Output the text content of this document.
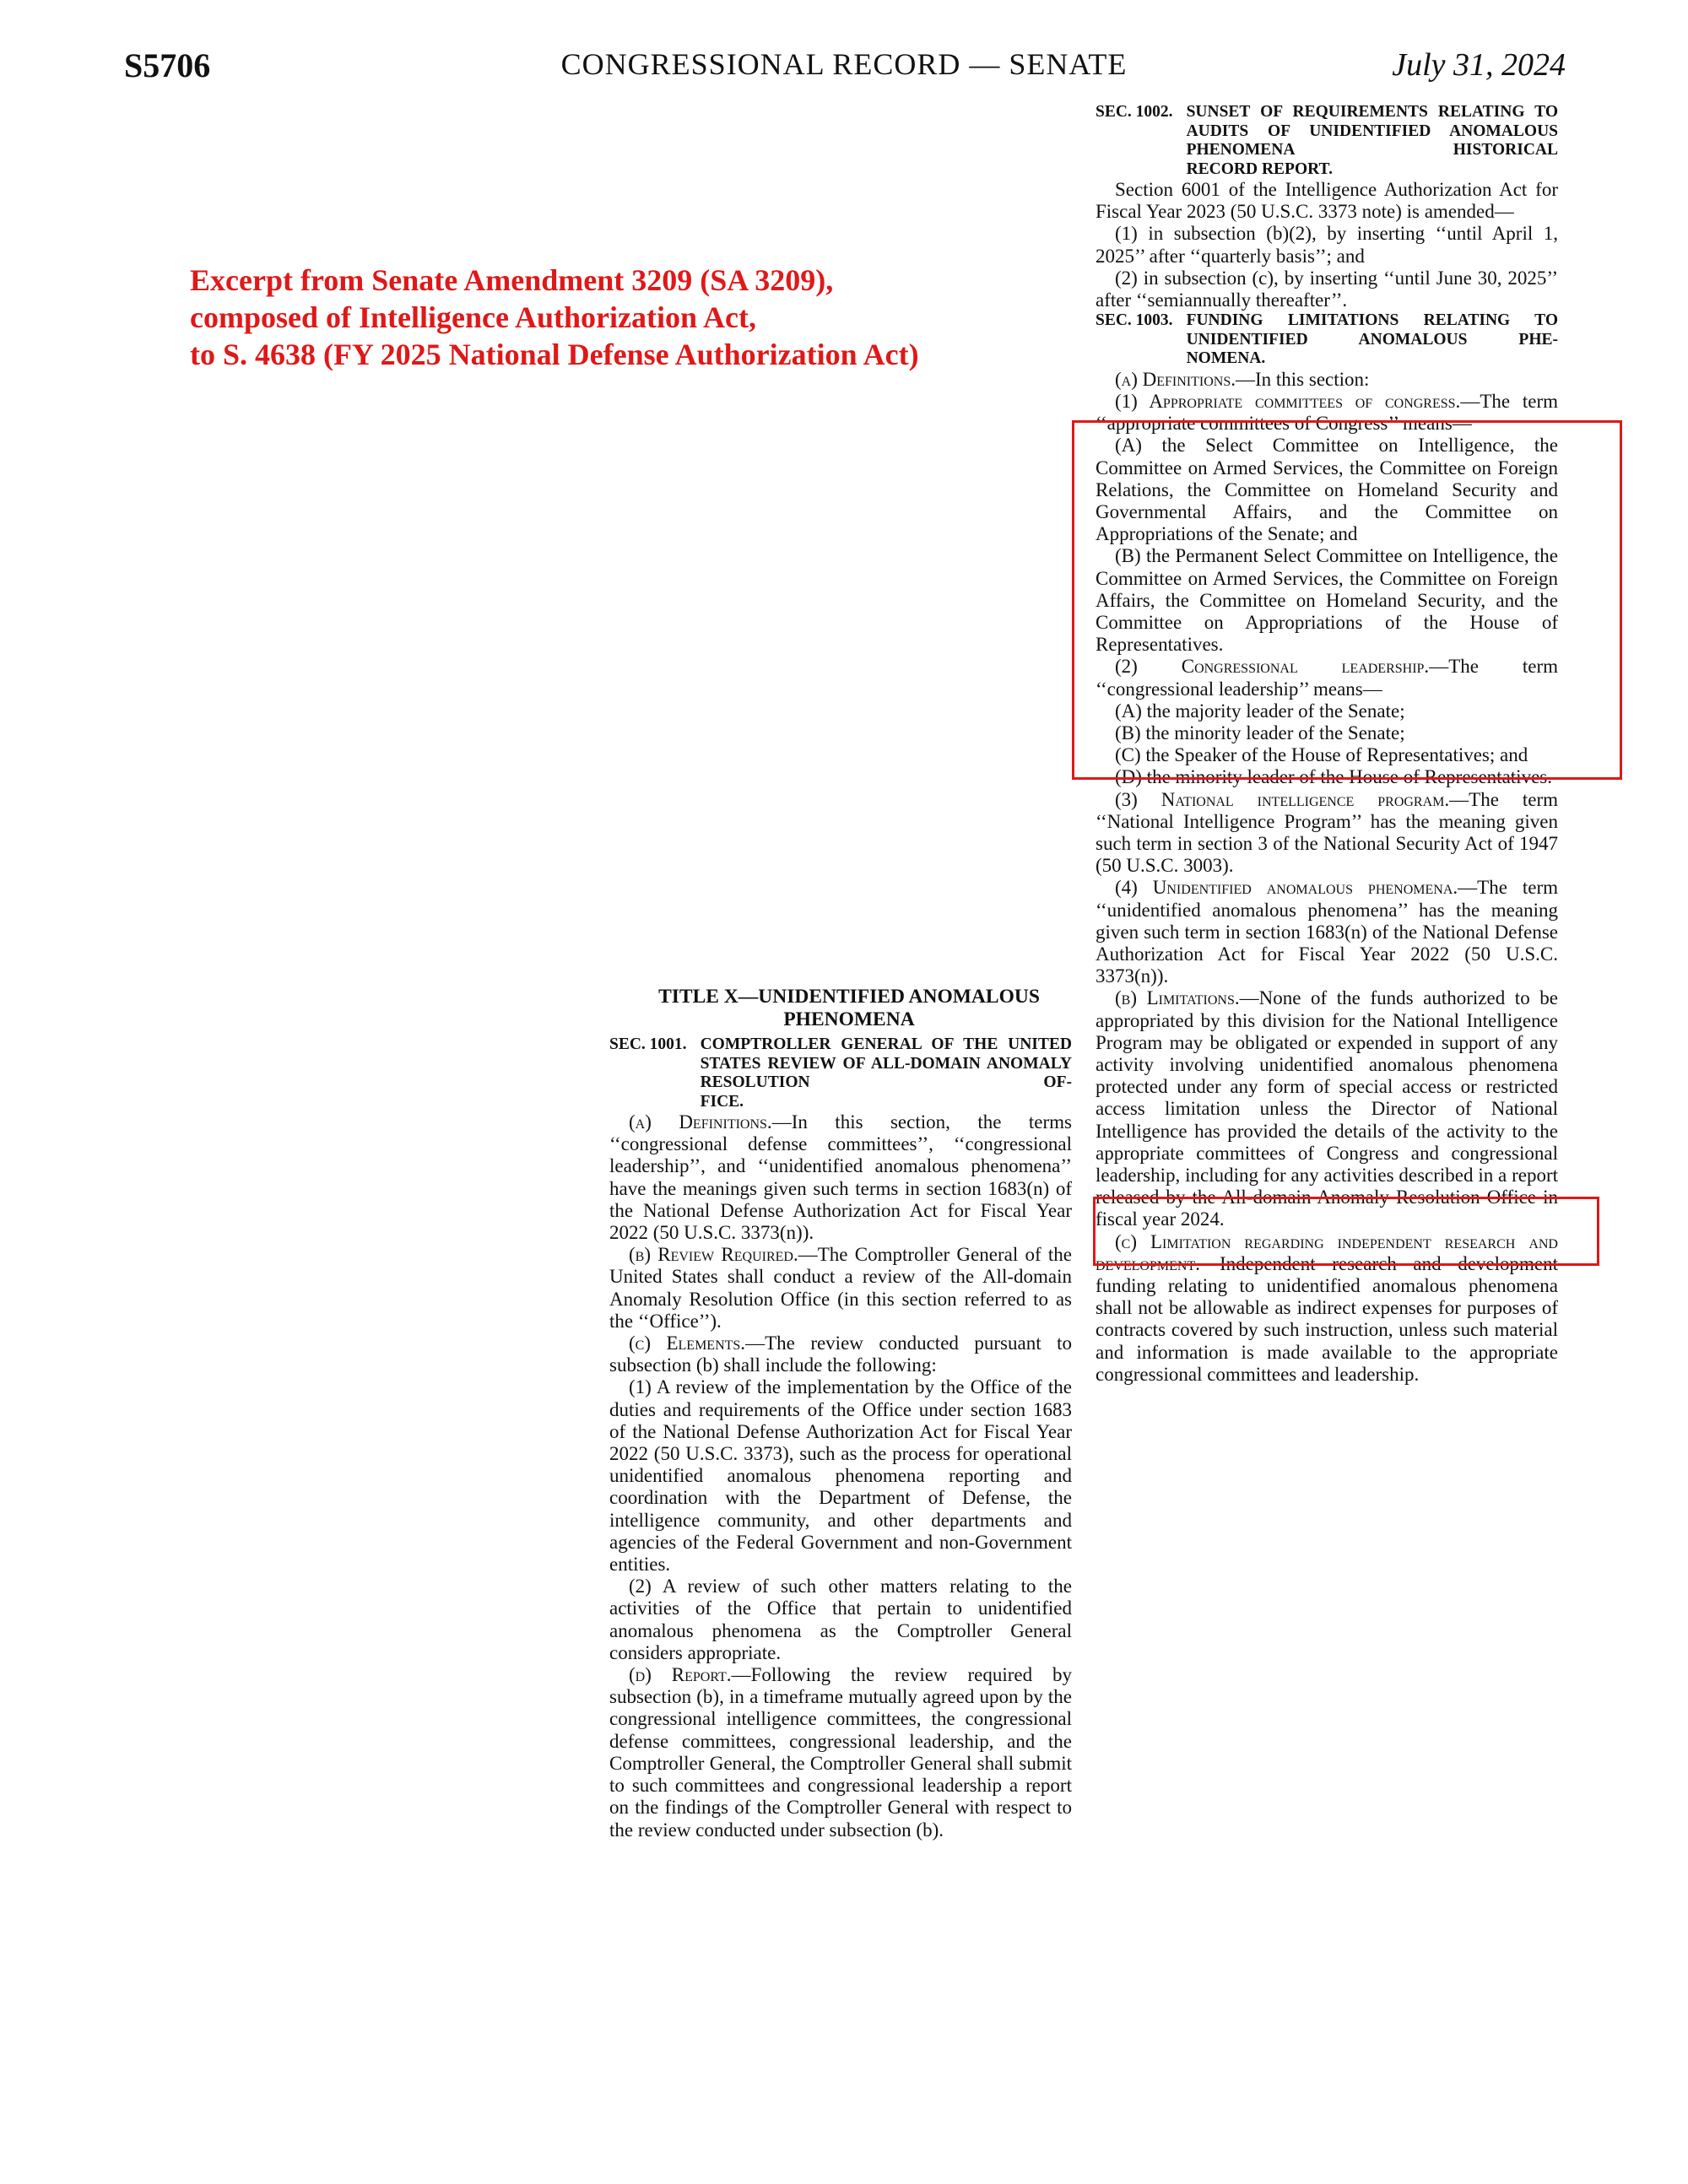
S5706	CONGRESSIONAL RECORD — SENATE	July 31, 2024
Excerpt from Senate Amendment 3209 (SA 3209),
composed of Intelligence Authorization Act,
to S. 4638 (FY 2025 National Defense Authorization Act)
TITLE X—UNIDENTIFIED ANOMALOUS
PHENOMENA
SEC. 1001. COMPTROLLER GENERAL OF THE UNITED STATES REVIEW OF ALL-DOMAIN ANOMALY RESOLUTION OF-
FICE.

(a) Definitions.—In this section, the terms ‘‘congressional defense committees’’, ‘‘congressional leadership’’, and ‘‘unidentified anomalous phenomena’’ have the meanings given such terms in section 1683(n) of the National Defense Authorization Act for Fiscal Year 2022 (50 U.S.C. 3373(n)).

(b) Review Required.—The Comptroller General of the United States shall conduct a review of the All-domain Anomaly Resolution Office (in this section referred to as the ‘‘Office’’).

(c) Elements.—The review conducted pursuant to subsection (b) shall include the following:

(1) A review of the implementation by the Office of the duties and requirements of the Office under section 1683 of the National Defense Authorization Act for Fiscal Year 2022 (50 U.S.C. 3373), such as the process for operational unidentified anomalous phenomena reporting and coordination with the Department of Defense, the intelligence community, and other departments and agencies of the Federal Government and non-Government entities.

(2) A review of such other matters relating to the activities of the Office that pertain to unidentified anomalous phenomena as the Comptroller General considers appropriate.

(d) Report.—Following the review required by subsection (b), in a timeframe mutually agreed upon by the congressional intelligence committees, the congressional defense committees, congressional leadership, and the Comptroller General, the Comptroller General shall submit to such committees and congressional leadership a report on the findings of the Comptroller General with respect to the review conducted under subsection (b).

SEC. 1002. SUNSET OF REQUIREMENTS RELATING TO AUDITS OF UNIDENTIFIED ANOMALOUS PHENOMENA HISTORICAL
RECORD REPORT.

Section 6001 of the Intelligence Authorization Act for Fiscal Year 2023 (50 U.S.C. 3373 note) is amended—

(1) in subsection (b)(2), by inserting ‘‘until April 1, 2025’’ after ‘‘quarterly basis’’; and

(2) in subsection (c), by inserting ‘‘until June 30, 2025’’ after ‘‘semiannually thereafter’’.

SEC. 1003. FUNDING LIMITATIONS RELATING TO UNIDENTIFIED ANOMALOUS PHE-
NOMENA.

(a) Definitions.—In this section:

(1) Appropriate committees of congress.—The term ‘‘appropriate committees of Congress’’ means—

(A) the Select Committee on Intelligence, the Committee on Armed Services, the Committee on Foreign Relations, the Committee on Homeland Security and Governmental Affairs, and the Committee on Appropriations of the Senate; and

(B) the Permanent Select Committee on Intelligence, the Committee on Armed Services, the Committee on Foreign Affairs, the Committee on Homeland Security, and the Committee on Appropriations of the House of Representatives.

(2) Congressional leadership.—The term ‘‘congressional leadership’’ means—

(A) the majority leader of the Senate;

(B) the minority leader of the Senate;

(C) the Speaker of the House of Representatives; and

(D) the minority leader of the House of Representatives.

(3) National intelligence program.—The term ‘‘National Intelligence Program’’ has the meaning given such term in section 3 of the National Security Act of 1947 (50 U.S.C. 3003).

(4) Unidentified anomalous phenomena.—The term ‘‘unidentified anomalous phenomena’’ has the meaning given such term in section 1683(n) of the National Defense Authorization Act for Fiscal Year 2022 (50 U.S.C. 3373(n)).

(b) Limitations.—None of the funds authorized to be appropriated by this division for the National Intelligence Program may be obligated or expended in support of any activity involving unidentified anomalous phenomena protected under any form of special access or restricted access limitation unless the Director of National Intelligence has provided the details of the activity to the appropriate committees of Congress and congressional leadership, including for any activities described in a report released by the All-domain Anomaly Resolution Office in fiscal year 2024.

(c) Limitation regarding independent research and development.—Independent research and development funding relating to unidentified anomalous phenomena shall not be allowable as indirect expenses for purposes of contracts covered by such instruction, unless such material and information is made available to the appropriate congressional committees and leadership.
